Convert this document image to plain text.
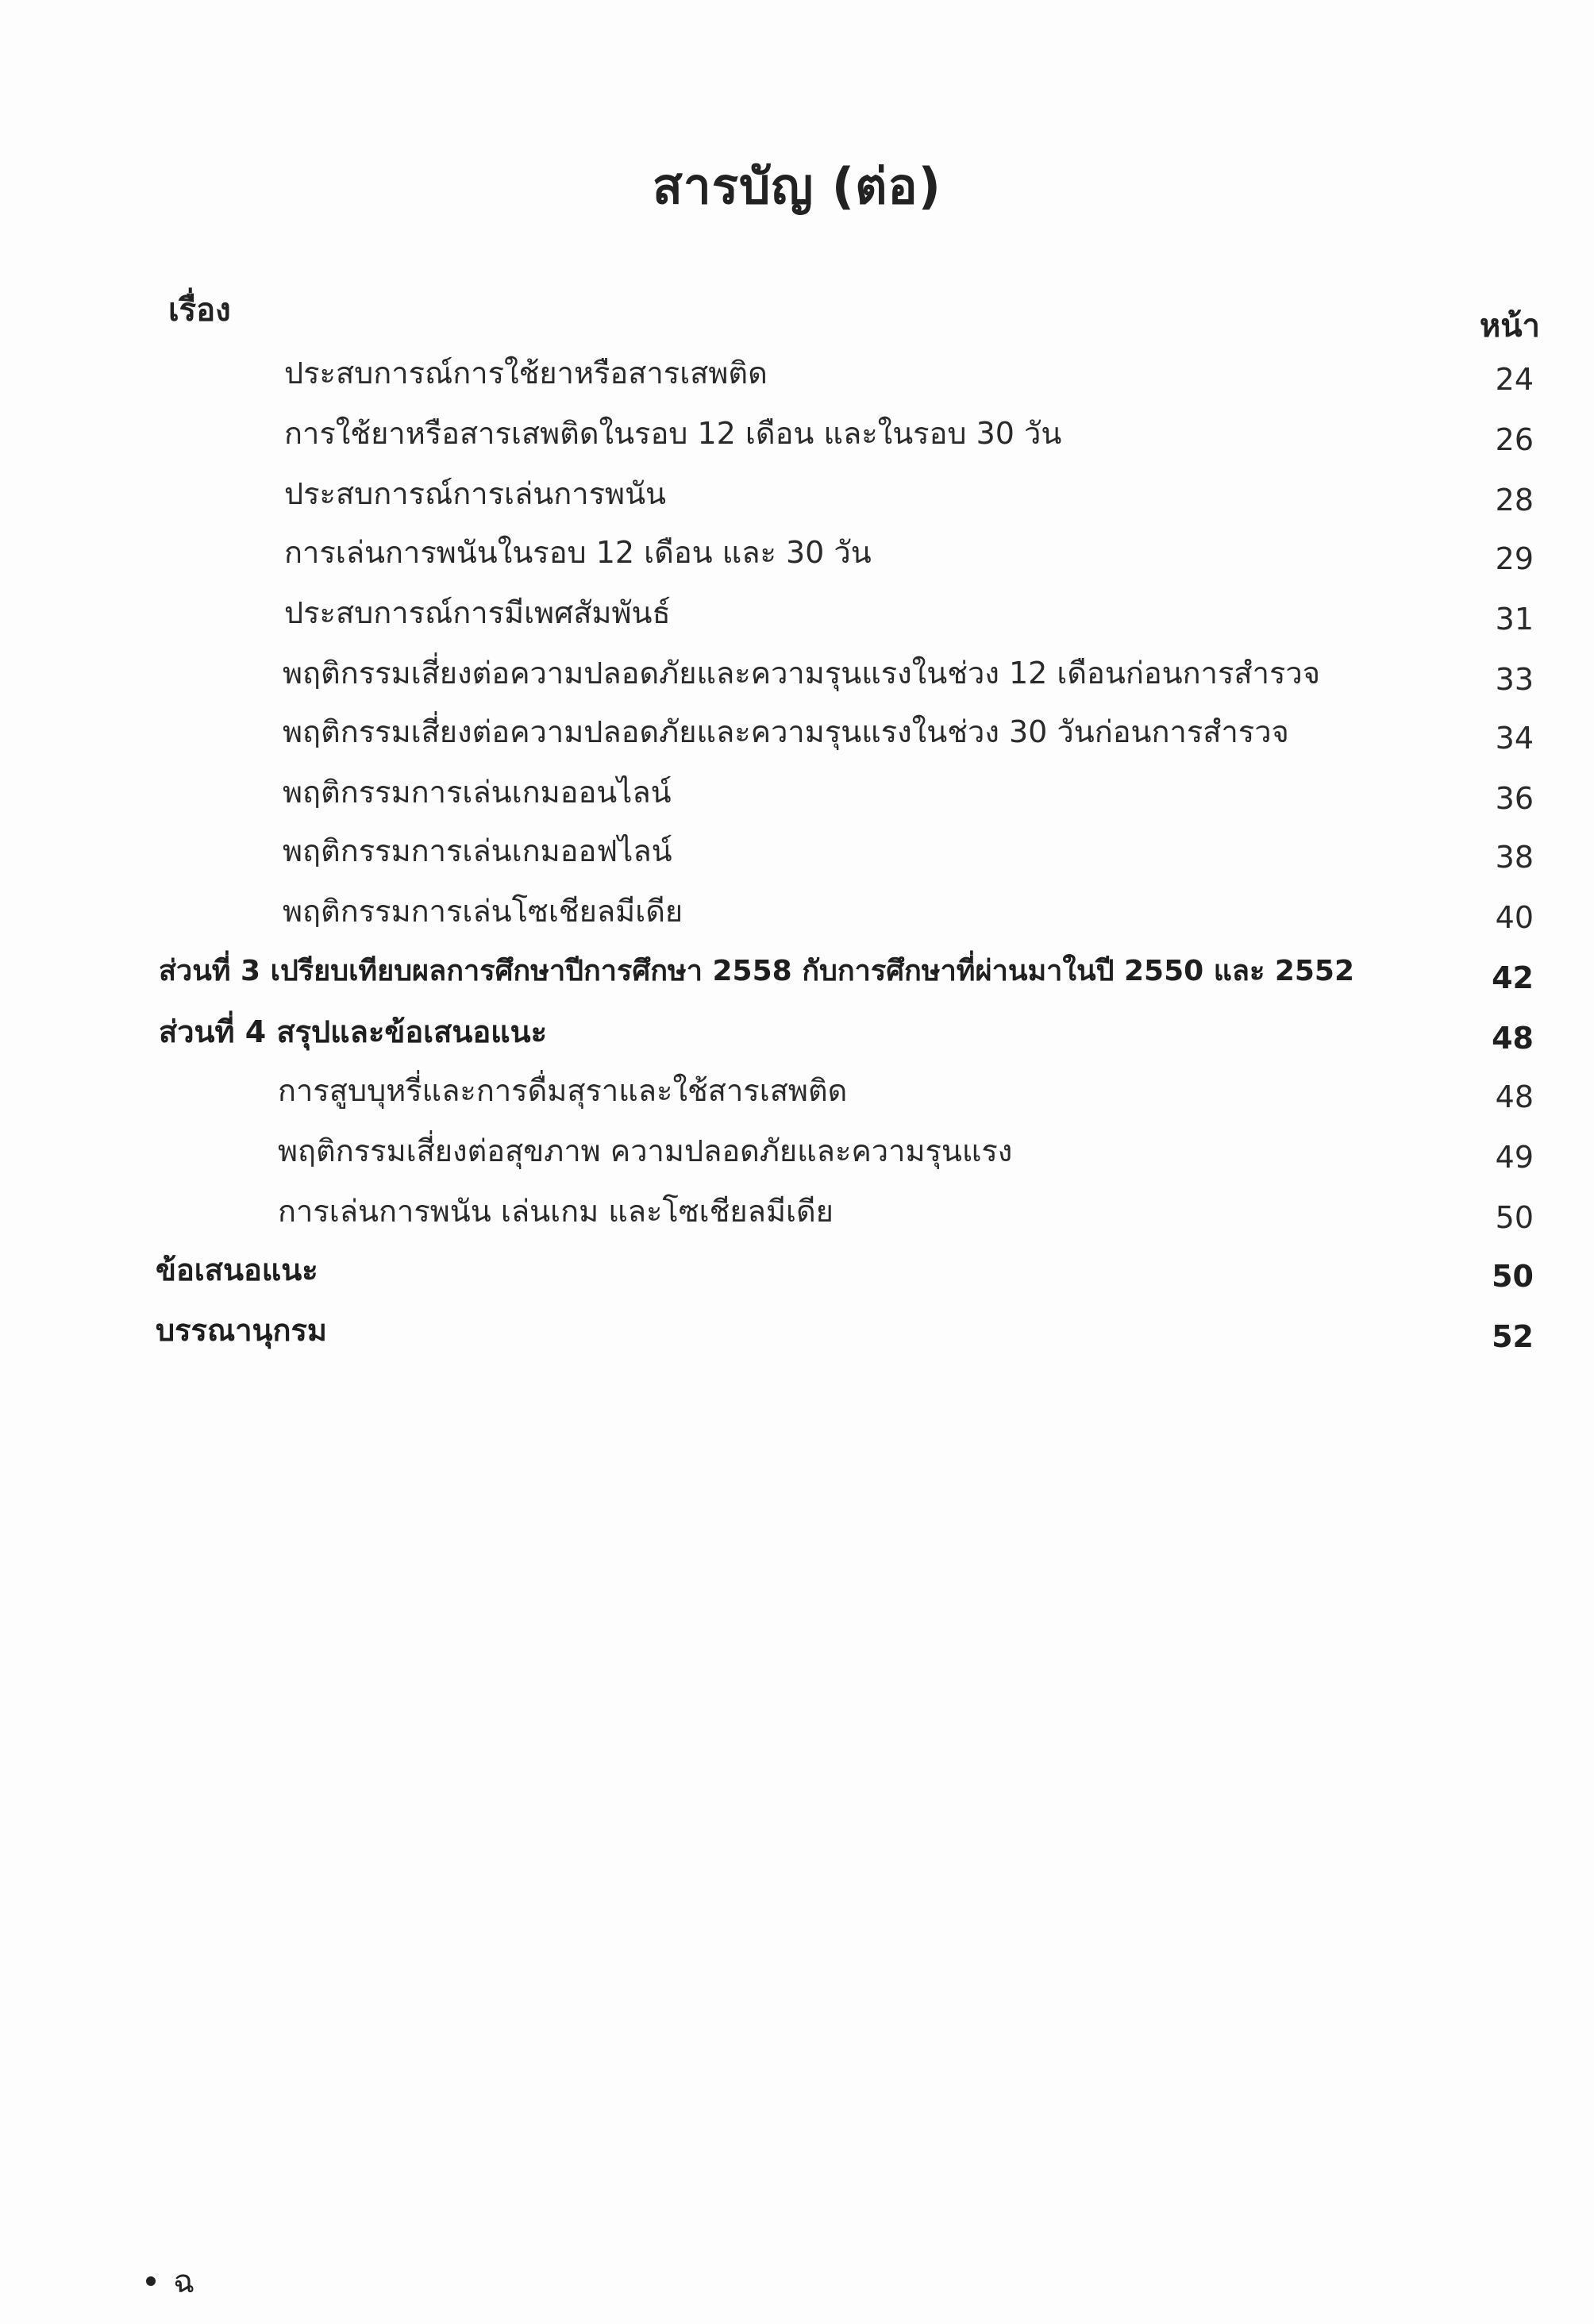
สารบัญ (ต่อ)
เรื่อง	หน้า
ประสบการณ์การใช้ยาหรือสารเสพติด	24
การใช้ยาหรือสารเสพติดในรอบ 12 เดือน และในรอบ 30 วัน	26
ประสบการณ์การเล่นการพนัน	28
การเล่นการพนันในรอบ 12 เดือน และ 30 วัน	29
ประสบการณ์การมีเพศสัมพันธ์	31
พฤติกรรมเสี่ยงต่อความปลอดภัยและความรุนแรงในช่วง 12 เดือนก่อนการสำรวจ	33
พฤติกรรมเสี่ยงต่อความปลอดภัยและความรุนแรงในช่วง 30 วันก่อนการสำรวจ	34
พฤติกรรมการเล่นเกมออนไลน์	36
พฤติกรรมการเล่นเกมออฟไลน์	38
พฤติกรรมการเล่นโซเชียลมีเดีย	40
ส่วนที่ 3 เปรียบเทียบผลการศึกษาปีการศึกษา 2558 กับการศึกษาที่ผ่านมาในปี 2550 และ 2552	42
ส่วนที่ 4 สรุปและข้อเสนอแนะ	48
การสูบบุหรี่และการดื่มสุราและใช้สารเสพติด	48
พฤติกรรมเสี่ยงต่อสุขภาพ ความปลอดภัยและความรุนแรง	49
การเล่นการพนัน เล่นเกม และโซเชียลมีเดีย	50
ข้อเสนอแนะ	50
บรรณานุกรม	52
ฉ
